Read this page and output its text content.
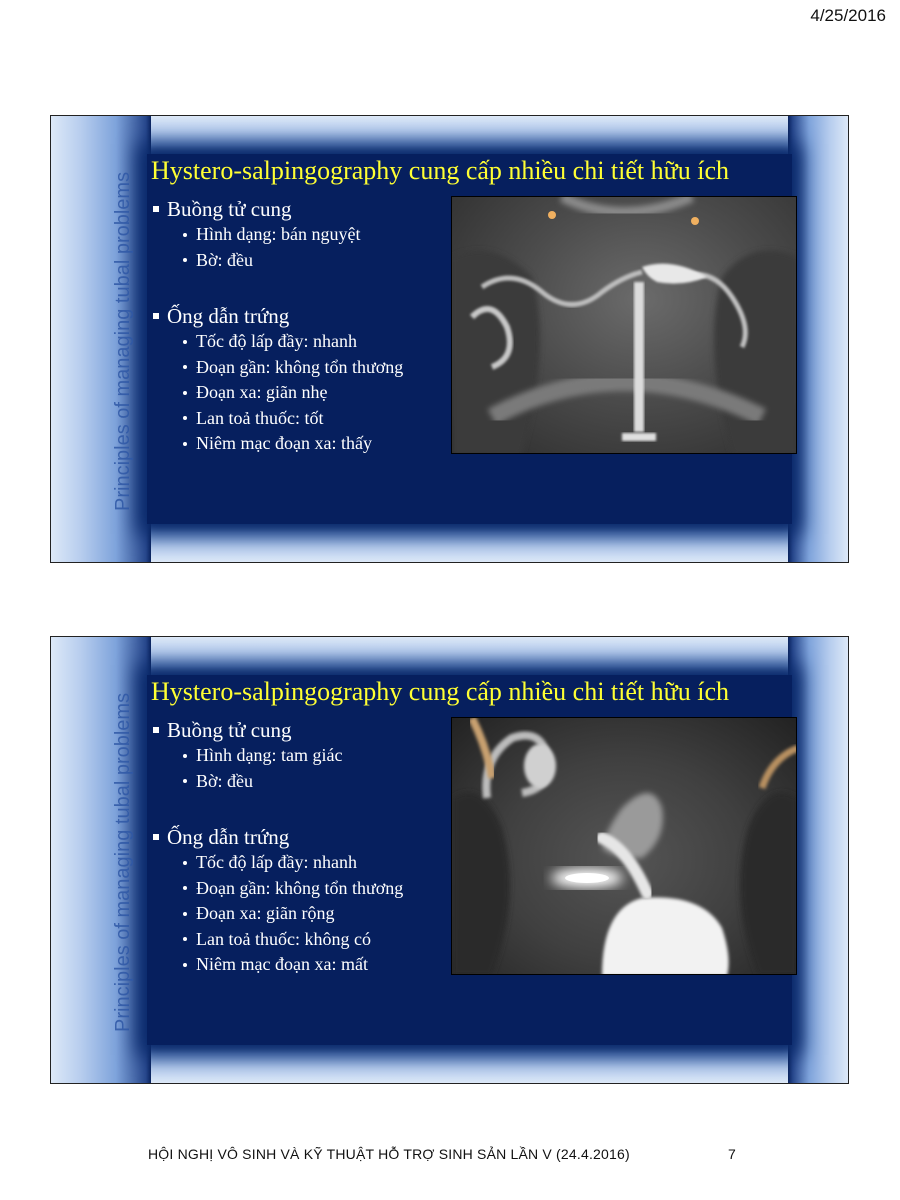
4/25/2016
Principles of managing tubal problems
Hystero-salpingography cung cấp nhiều chi tiết hữu ích
Buồng tử cung
Hình dạng: bán nguyệt
Bờ: đều
Ống dẫn trứng
Tốc độ lấp đầy: nhanh
Đoạn gần: không tổn thương
Đoạn xa: giãn nhẹ
Lan toả thuốc: tốt
Niêm mạc đoạn xa: thấy
Principles of managing tubal problems
Hystero-salpingography cung cấp nhiều chi tiết hữu ích
Buồng tử cung
Hình dạng: tam giác
Bờ: đều
Ống dẫn trứng
Tốc độ lấp đầy: nhanh
Đoạn gần: không tổn thương
Đoạn xa: giãn rộng
Lan toả thuốc: không có
Niêm mạc đoạn xa: mất
HỘI NGHỊ VÔ SINH VÀ KỸ THUẬT HỖ TRỢ SINH SẢN LẦN V (24.4.2016)	7
